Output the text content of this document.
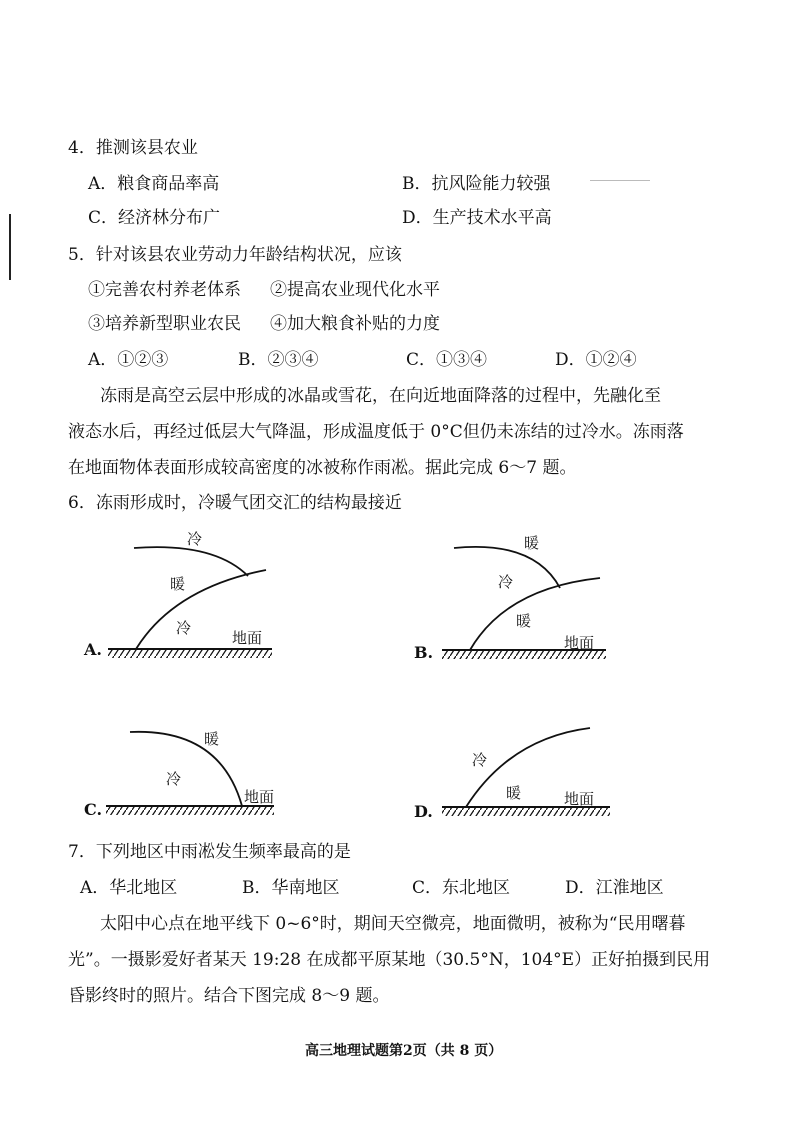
4．推测该县农业
A．粮食商品率高	B．抗风险能力较强
C．经济林分布广	D．生产技术水平高
5．针对该县农业劳动力年龄结构状况，应该
①完善农村养老体系 ②提高农业现代化水平
③培养新型职业农民 ④加大粮食补贴的力度
A．①②③	B．②③④	C．①③④	D．①②④
冻雨是高空云层中形成的冰晶或雪花，在向近地面降落的过程中，先融化至
液态水后，再经过低层大气降温，形成温度低于 0°C但仍未冻结的过冷水。冻雨落
在地面物体表面形成较高密度的冰被称作雨凇。据此完成 6～7 题。
6．冻雨形成时，冷暖气团交汇的结构最接近
冷
暖
冷
地面
A.
暖
冷
暖
地面
B.
暖
冷
地面
C.
冷
暖	地面
D.
7．下列地区中雨凇发生频率最高的是
A．华北地区	B．华南地区	C．东北地区	D．江淮地区
太阳中心点在地平线下 0~6°时，期间天空微亮，地面微明，被称为“民用曙暮
光”。一摄影爱好者某天 19:28 在成都平原某地（30.5°N，104°E）正好拍摄到民用
昏影终时的照片。结合下图完成 8～9 题。
高三地理试题第2页（共 8 页）
